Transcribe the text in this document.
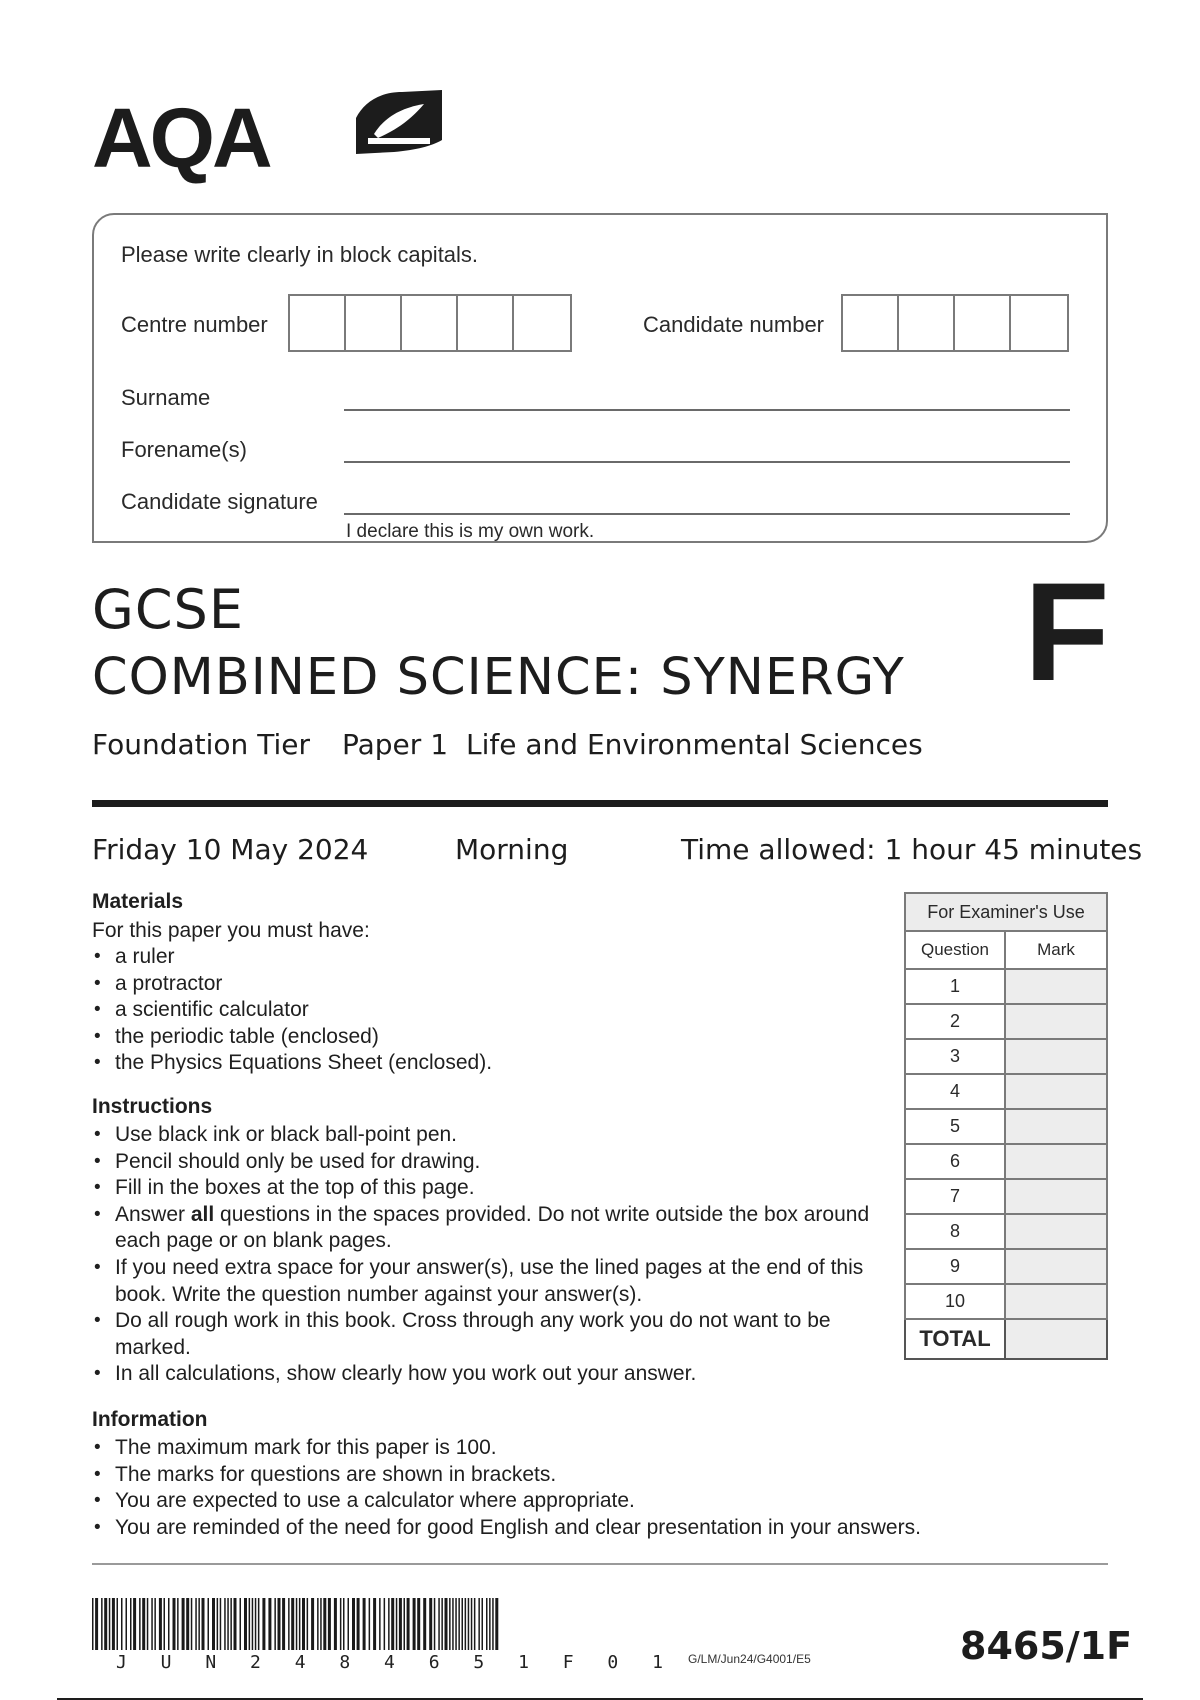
AQA
Please write clearly in block capitals.
Centre number	Candidate number
Surname
Forename(s)
Candidate signature
I declare this is my own work.
GCSE
COMBINED SCIENCE: SYNERGY F
Foundation Tier Paper 1 Life and Environmental Sciences
Friday 10 May 2024	Morning	Time allowed: 1 hour 45 minutes
Materials
For this paper you must have:
• a ruler
• a protractor
• a scientific calculator
• the periodic table (enclosed)
• the Physics Equations Sheet (enclosed).
Instructions
• Use black ink or black ball-point pen.
• Pencil should only be used for drawing.
• Fill in the boxes at the top of this page.
• Answer all questions in the spaces provided. Do not write outside the box around each page or on blank pages.
• If you need extra space for your answer(s), use the lined pages at the end of this book. Write the question number against your answer(s).
• Do all rough work in this book. Cross through any work you do not want to be marked.
• In all calculations, show clearly how you work out your answer.
Information
• The maximum mark for this paper is 100.
• The marks for questions are shown in brackets.
• You are expected to use a calculator where appropriate.
• You are reminded of the need for good English and clear presentation in your answers.
For Examiner's Use	
Question	Mark
1	
2	
3	
4	
5	
6	
7	
8	
9	
10	
TOTAL	
J U N 2 4 8 4 6 5 1 F 0 1 G/LM/Jun24/G4001/E5	8465/1F
